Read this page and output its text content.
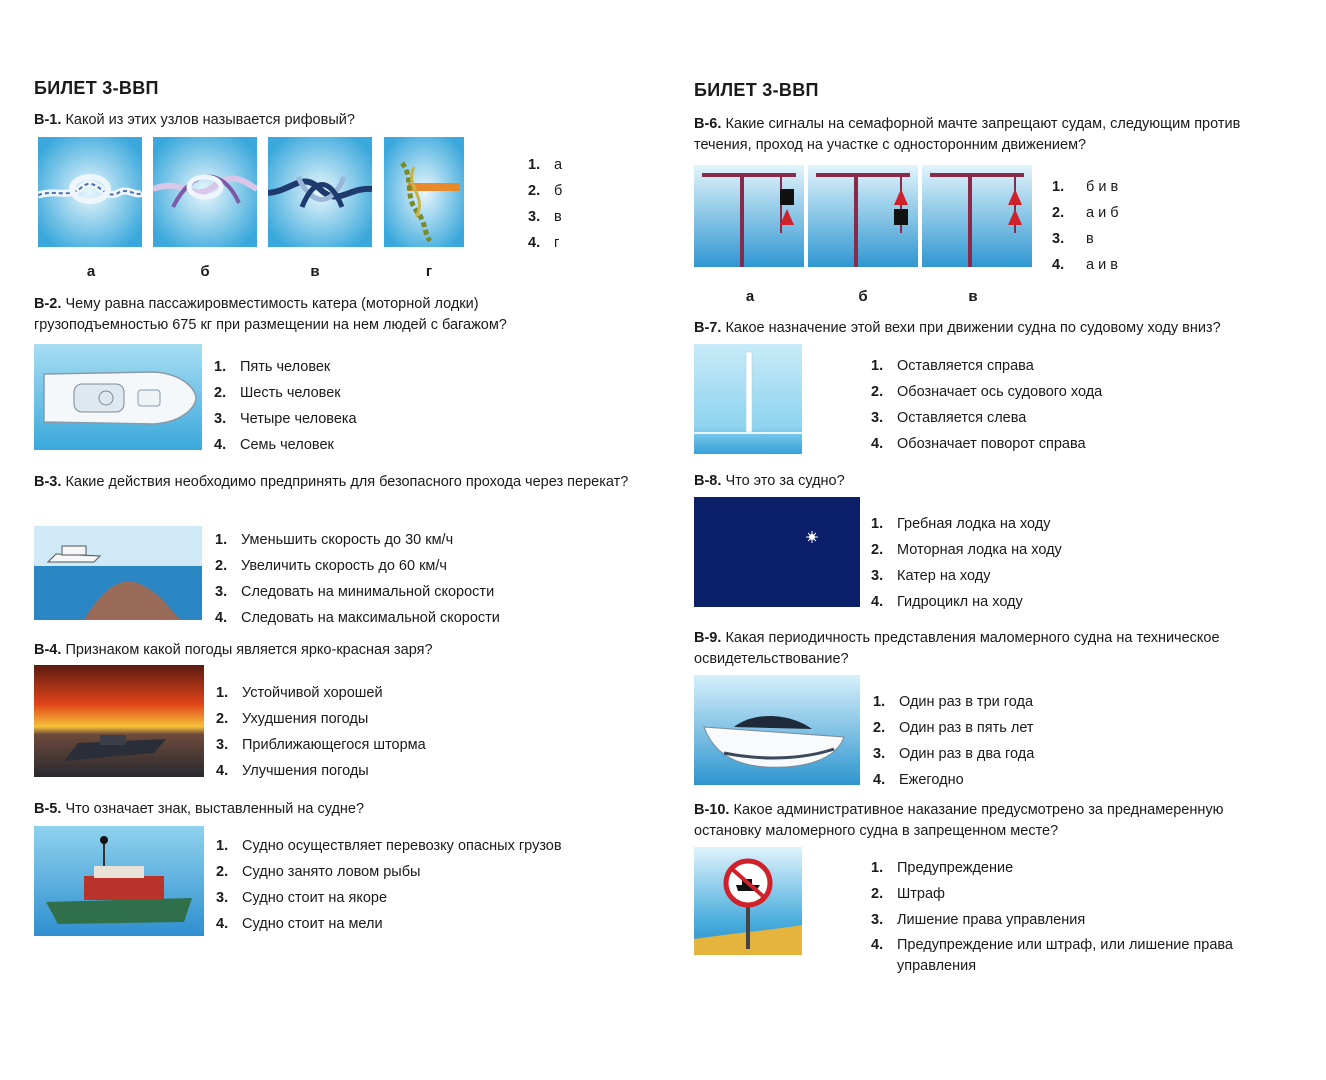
БИЛЕТ 3-ВВП
В-1. Какой из этих узлов называется рифовый?
а	б	в	г
1. а
2. б
3. в
4. г
В-2. Чему равна пассажировместимость катера (моторной лодки) грузоподъемностью 675 кг при размещении на нем людей с багажом?
1. Пять человек
2. Шесть человек
3. Четыре человека
4. Семь человек
В-3. Какие действия необходимо предпринять для безопасного прохода через перекат?
1. Уменьшить скорость до 30 км/ч
2. Увеличить скорость до 60 км/ч
3. Следовать на минимальной скорости
4. Следовать на максимальной скорости
В-4. Признаком какой погоды является ярко-красная заря?
1. Устойчивой хорошей
2. Ухудшения погоды
3. Приближающегося шторма
4. Улучшения погоды
В-5. Что означает знак, выставленный на судне?
1. Судно осуществляет перевозку опасных грузов
2. Судно занято ловом рыбы
3. Судно стоит на якоре
4. Судно стоит на мели
БИЛЕТ 3-ВВП
В-6. Какие сигналы на семафорной мачте запрещают судам, следующим против течения, проход на участке с односторонним движением?
а	б	в
1.	б и в
2.	а и б
3.	в
4.	а и в
В-7. Какое назначение этой вехи при движении судна по судовому ходу вниз?
1. Оставляется справа
2. Обозначает ось судового хода
3. Оставляется слева
4. Обозначает поворот справа
В-8. Что это за судно?
1. Гребная лодка на ходу
2. Моторная лодка на ходу
3. Катер на ходу
4. Гидроцикл на ходу
В-9. Какая периодичность представления маломерного судна на техническое освидетельствование?
1. Один раз в три года
2. Один раз в пять лет
3. Один раз в два года
4. Ежегодно
В-10. Какое административное наказание предусмотрено за преднамеренную остановку маломерного судна в запрещенном месте?
1. Предупреждение
2. Штраф
3. Лишение права управления
4. Предупреждение или штраф, или лишение права управления
